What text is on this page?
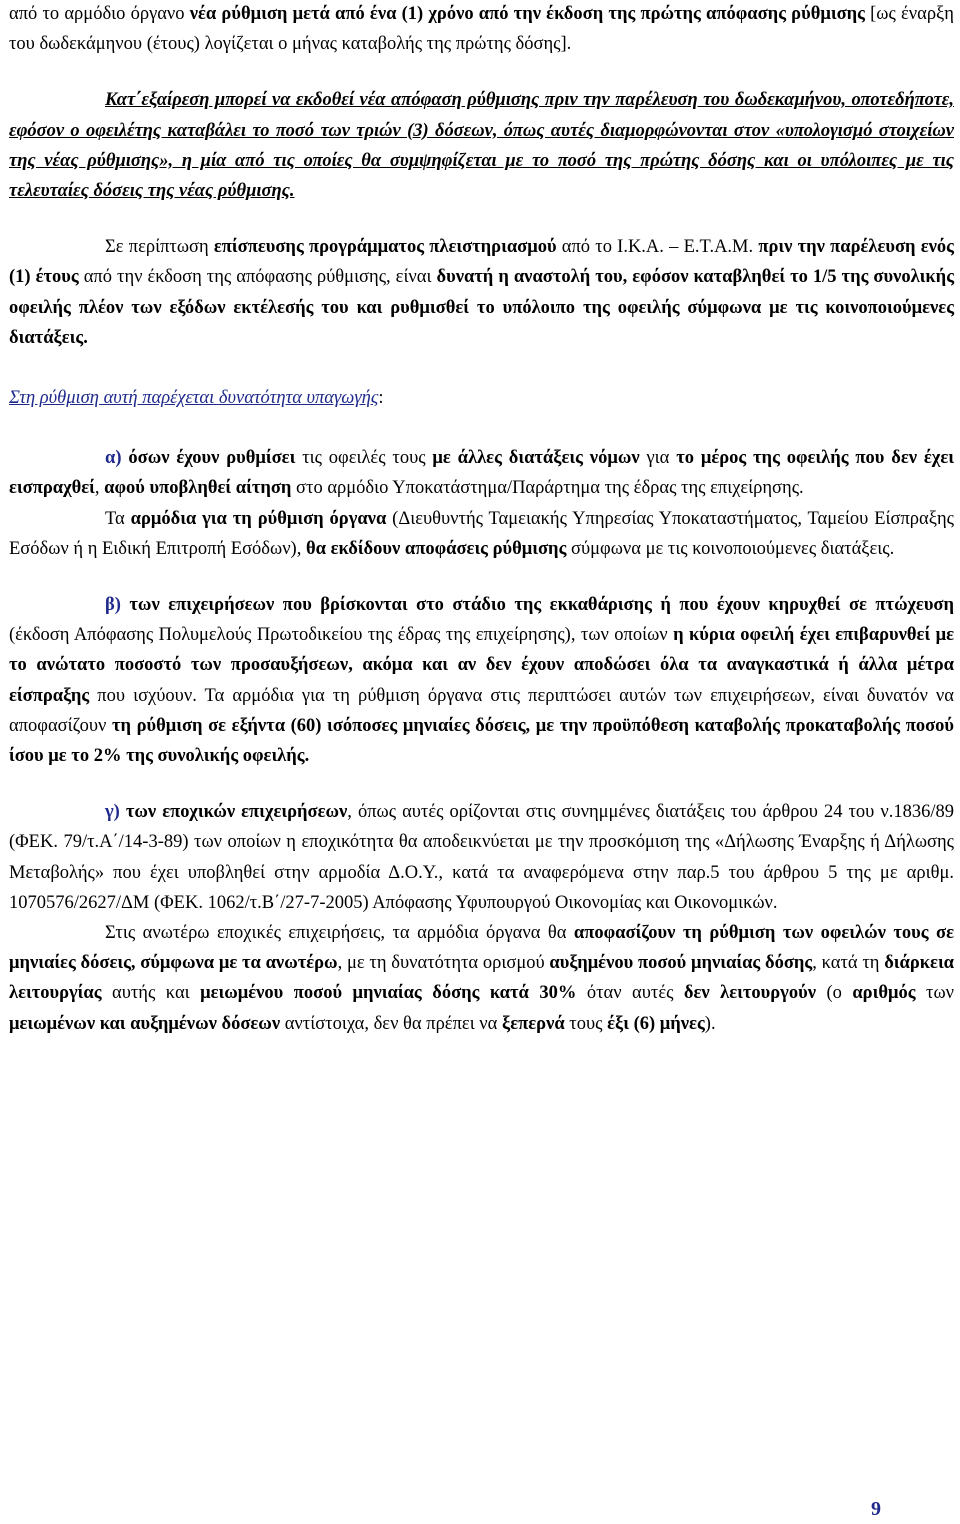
από το αρμόδιο όργανο νέα ρύθμιση μετά από ένα (1) χρόνο από την έκδοση της πρώτης απόφασης ρύθμισης [ως έναρξη του δωδεκάμηνου (έτους) λογίζεται ο μήνας καταβολής της πρώτης δόσης].

Κατ΄εξαίρεση μπορεί να εκδοθεί νέα απόφαση ρύθμισης πριν την παρέλευση του δωδεκαμήνου, οποτεδήποτε, εφόσον ο οφειλέτης καταβάλει το ποσό των τριών (3) δόσεων, όπως αυτές διαμορφώνονται στον «υπολογισμό στοιχείων της νέας ρύθμισης», η μία από τις οποίες θα συμψηφίζεται με το ποσό της πρώτης δόσης και οι υπόλοιπες με τις τελευταίες δόσεις της νέας ρύθμισης.

Σε περίπτωση επίσπευσης προγράμματος πλειστηριασμού από το Ι.Κ.Α. – Ε.Τ.Α.Μ. πριν την παρέλευση ενός (1) έτους από την έκδοση της απόφασης ρύθμισης, είναι δυνατή η αναστολή του, εφόσον καταβληθεί το 1/5 της συνολικής οφειλής πλέον των εξόδων εκτέλεσής του και ρυθμισθεί το υπόλοιπο της οφειλής σύμφωνα με τις κοινοποιούμενες διατάξεις.

Στη ρύθμιση αυτή παρέχεται δυνατότητα υπαγωγής:

α) όσων έχουν ρυθμίσει τις οφειλές τους με άλλες διατάξεις νόμων για το μέρος της οφειλής που δεν έχει εισπραχθεί, αφού υποβληθεί αίτηση στο αρμόδιο Υποκατάστημα/Παράρτημα της έδρας της επιχείρησης.

Τα αρμόδια για τη ρύθμιση όργανα (Διευθυντής Ταμειακής Υπηρεσίας Υποκαταστήματος, Ταμείου Είσπραξης Εσόδων ή η Ειδική Επιτροπή Εσόδων), θα εκδίδουν αποφάσεις ρύθμισης σύμφωνα με τις κοινοποιούμενες διατάξεις.

β) των επιχειρήσεων που βρίσκονται στο στάδιο της εκκαθάρισης ή που έχουν κηρυχθεί σε πτώχευση (έκδοση Απόφασης Πολυμελούς Πρωτοδικείου της έδρας της επιχείρησης), των οποίων η κύρια οφειλή έχει επιβαρυνθεί με το ανώτατο ποσοστό των προσαυξήσεων, ακόμα και αν δεν έχουν αποδώσει όλα τα αναγκαστικά ή άλλα μέτρα είσπραξης που ισχύουν. Τα αρμόδια για τη ρύθμιση όργανα στις περιπτώσει αυτών των επιχειρήσεων, είναι δυνατόν να αποφασίζουν τη ρύθμιση σε εξήντα (60) ισόποσες μηνιαίες δόσεις, με την προϋπόθεση καταβολής προκαταβολής ποσού ίσου με το 2% της συνολικής οφειλής.

γ) των εποχικών επιχειρήσεων, όπως αυτές ορίζονται στις συνημμένες διατάξεις του άρθρου 24 του ν.1836/89 (ΦΕΚ. 79/τ.Α΄/14-3-89) των οποίων η εποχικότητα θα αποδεικνύεται με την προσκόμιση της «Δήλωσης Έναρξης ή Δήλωσης Μεταβολής» που έχει υποβληθεί στην αρμοδία Δ.Ο.Υ., κατά τα αναφερόμενα στην παρ.5 του άρθρου 5 της με αριθμ. 1070576/2627/ΔΜ (ΦΕΚ. 1062/τ.Β΄/27-7-2005) Απόφασης Υφυπουργού Οικονομίας και Οικονομικών.

Στις ανωτέρω εποχικές επιχειρήσεις, τα αρμόδια όργανα θα αποφασίζουν τη ρύθμιση των οφειλών τους σε μηνιαίες δόσεις, σύμφωνα με τα ανωτέρω, με τη δυνατότητα ορισμού αυξημένου ποσού μηνιαίας δόσης, κατά τη διάρκεια λειτουργίας αυτής και μειωμένου ποσού μηνιαίας δόσης κατά 30% όταν αυτές δεν λειτουργούν (ο αριθμός των μειωμένων και αυξημένων δόσεων αντίστοιχα, δεν θα πρέπει να ξεπερνά τους έξι (6) μήνες).

9
